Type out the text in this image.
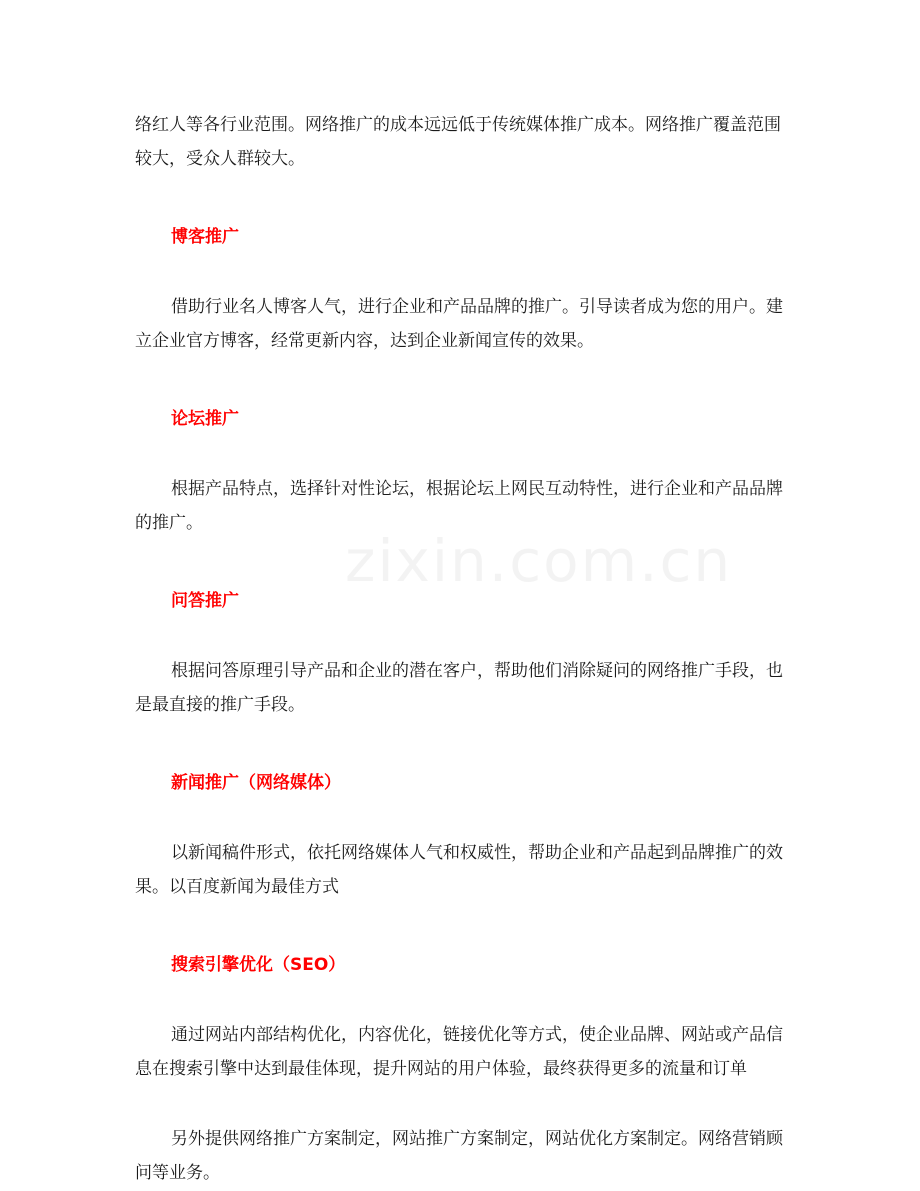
zixin.com.cn

络红人等各行业范围。网络推广的成本远远低于传统媒体推广成本。网络推广覆盖范围较大，受众人群较大。

博客推广

借助行业名人博客人气，进行企业和产品品牌的推广。引导读者成为您的用户。建立企业官方博客，经常更新内容，达到企业新闻宣传的效果。

论坛推广

根据产品特点，选择针对性论坛，根据论坛上网民互动特性，进行企业和产品品牌的推广。

问答推广

根据问答原理引导产品和企业的潜在客户，帮助他们消除疑问的网络推广手段，也是最直接的推广手段。

新闻推广（网络媒体）

以新闻稿件形式，依托网络媒体人气和权威性，帮助企业和产品起到品牌推广的效果。以百度新闻为最佳方式

搜索引擎优化（SEO）

通过网站内部结构优化，内容优化，链接优化等方式，使企业品牌、网站或产品信息在搜索引擎中达到最佳体现，提升网站的用户体验，最终获得更多的流量和订单

另外提供网络推广方案制定，网站推广方案制定，网站优化方案制定。网络营销顾问等业务。
